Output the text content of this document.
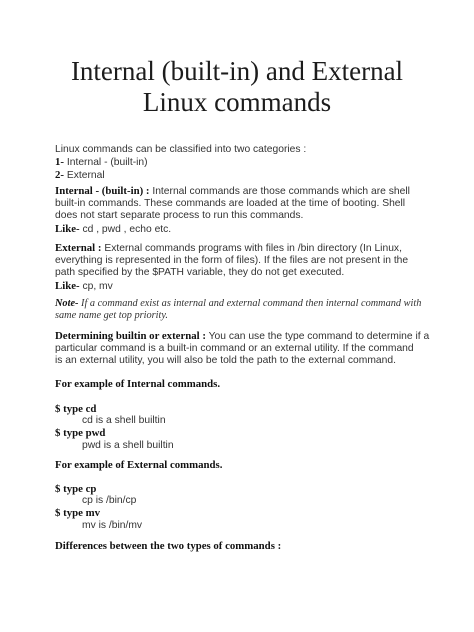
Internal (built-in) and External
Linux commands
Linux commands can be classified into two categories :
1- Internal - (built-in)
2- External
Internal - (built-in) : Internal commands are those commands which are shell
built-in commands. These commands are loaded at the time of booting. Shell
does not start separate process to run this commands.
Like- cd , pwd , echo etc.
External : External commands programs with files in /bin directory (In Linux,
everything is represented in the form of files). If the files are not present in the
path specified by the $PATH variable, they do not get executed.
Like- cp, mv
Note- If a command exist as internal and external command then internal command with
same name get top priority.
Determining builtin or external : You can use the type command to determine if a
particular command is a built-in command or an external utility. If the command
is an external utility, you will also be told the path to the external command.
For example of Internal commands.
$ type cd
cd is a shell builtin
$ type pwd
pwd is a shell builtin
For example of External commands.
$ type cp
cp is /bin/cp
$ type mv
mv is /bin/mv
Differences between the two types of commands :
